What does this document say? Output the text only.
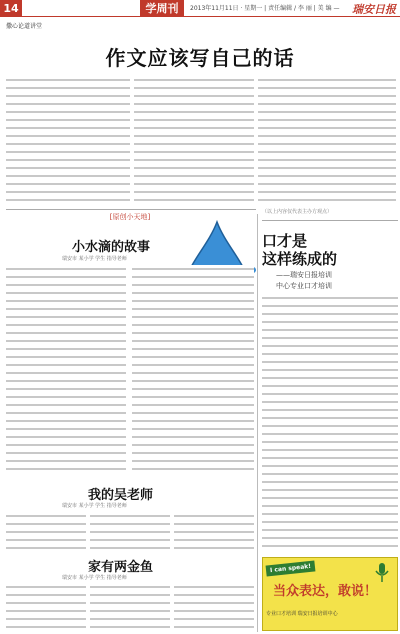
14	学周刊	2013年11月11日 · 星期一 | 责任编辑 / 李 丽 | 美 编 — 瑞安日报
撒心论道讲堂
作文应该写自己的话
[原创小天地]
小水滴的故事
瑞安市 某小学 学生 指导老师
我的吴老师
瑞安市 某小学 学生 指导老师
家有两金鱼
瑞安市 某小学 学生 指导老师
（以上内容仅代表主办方观点）
口才是
这样练成的
——瑞安日报培训
中心专业口才培训
I can speak!
当众表达，敢说！
专业口才培训 瑞安日报培训中心
